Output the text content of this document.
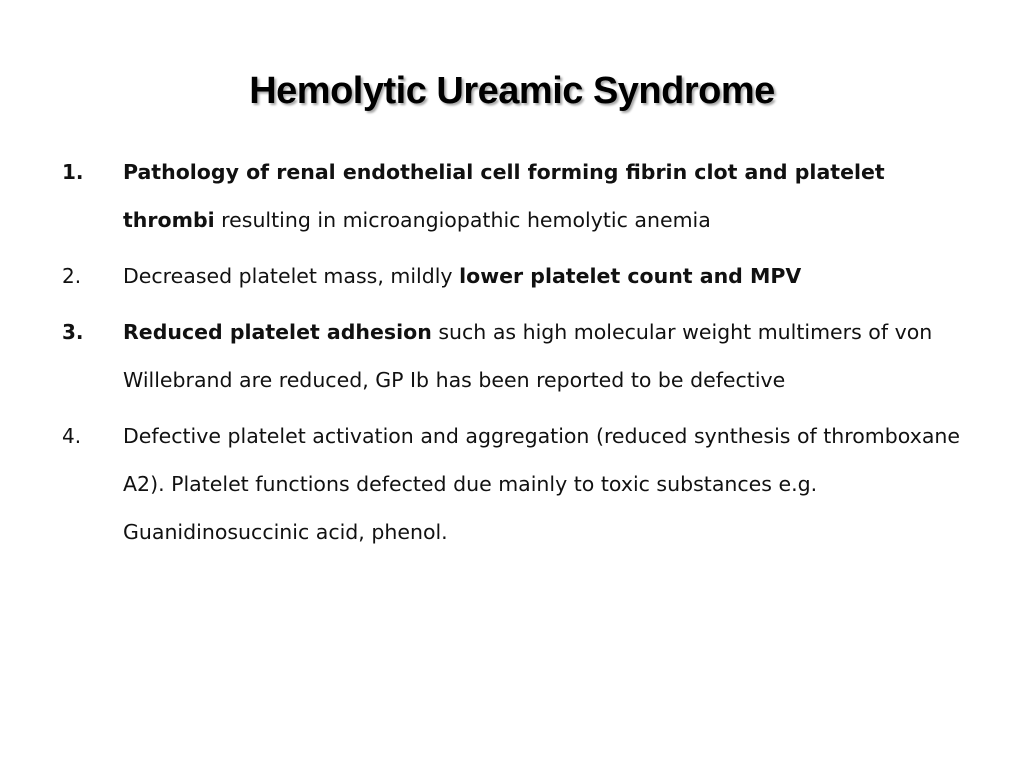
Hemolytic Ureamic Syndrome
1. Pathology of renal endothelial cell forming fibrin clot and platelet thrombi resulting in microangiopathic hemolytic anemia
2. Decreased platelet mass, mildly lower platelet count and MPV
3. Reduced platelet adhesion such as high molecular weight multimers of von Willebrand are reduced, GP Ib has been reported to be defective
4. Defective platelet activation and aggregation (reduced synthesis of thromboxane A2). Platelet functions defected due mainly to toxic substances e.g. Guanidinosuccinic acid, phenol.
